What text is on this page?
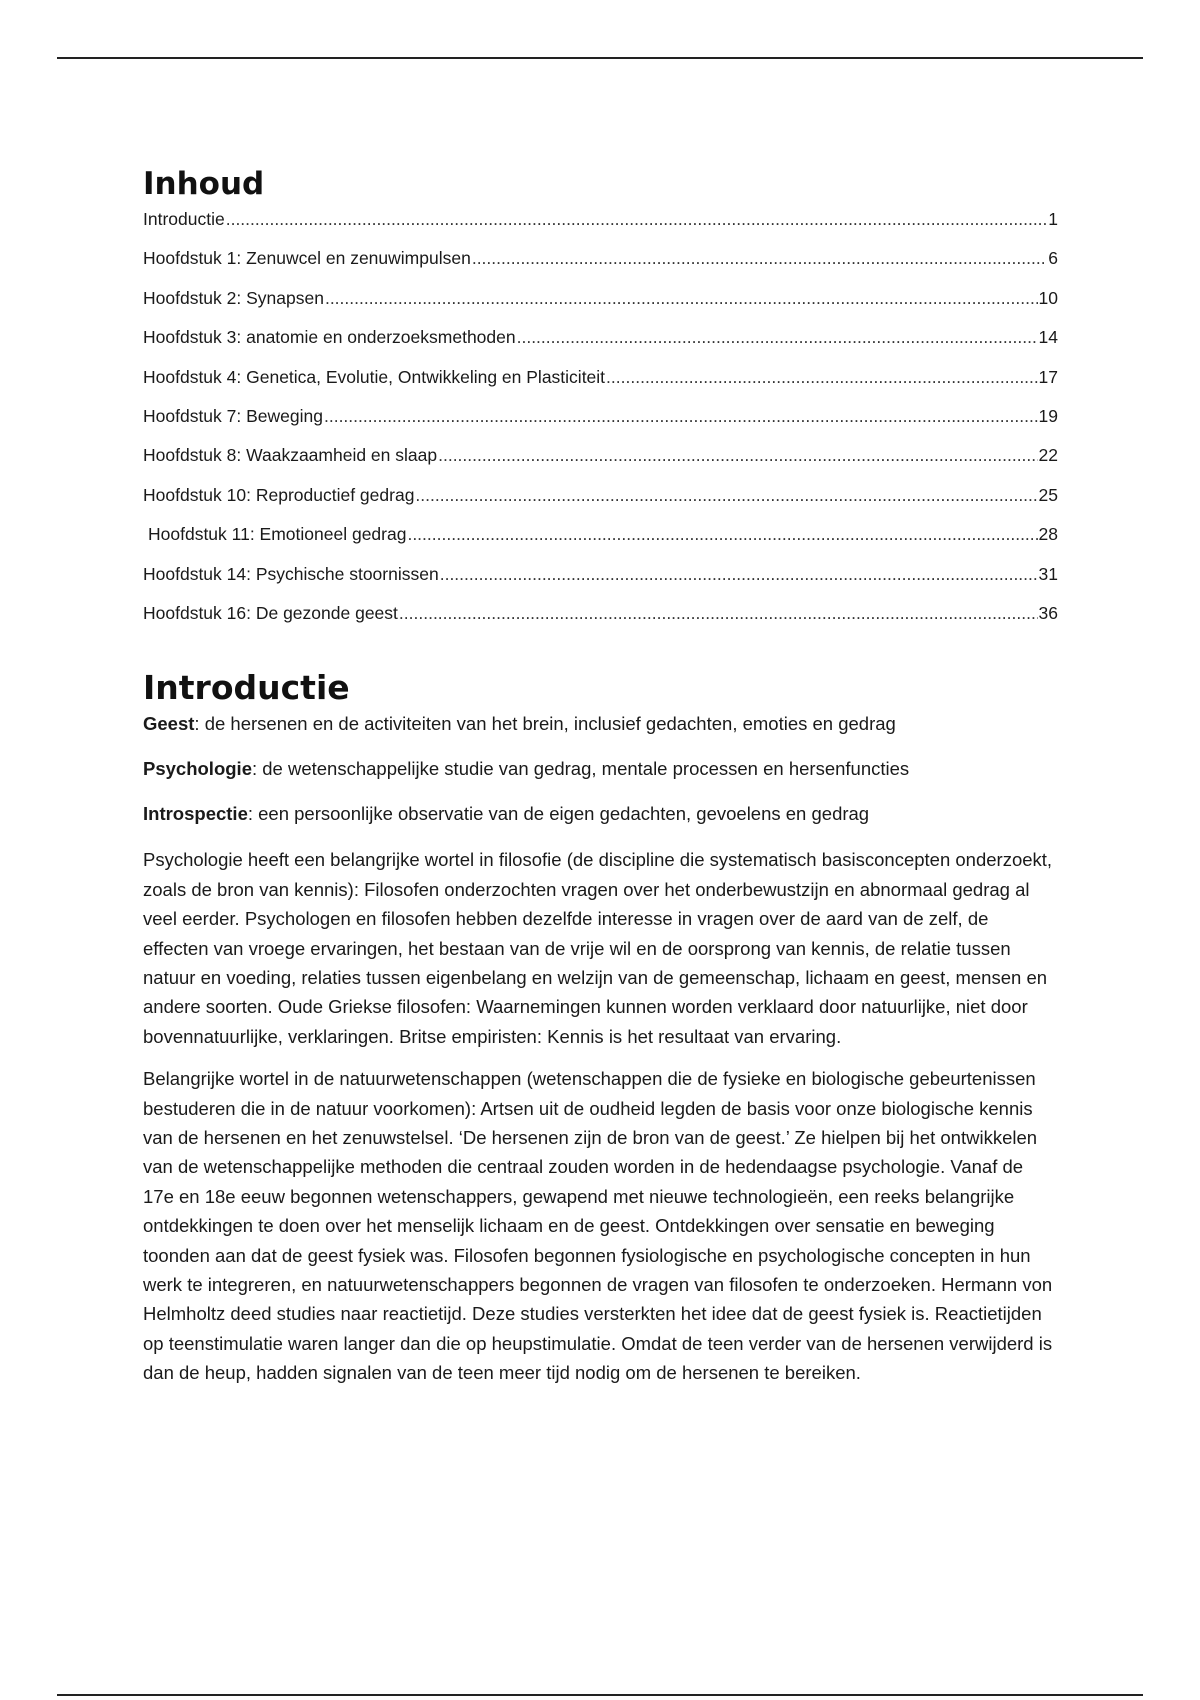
Inhoud
Introductie .....	1
Hoofdstuk 1: Zenuwcel en zenuwimpulsen .....	6
Hoofdstuk 2: Synapsen .....	10
Hoofdstuk 3: anatomie en onderzoeksmethoden .....	14
Hoofdstuk 4: Genetica, Evolutie, Ontwikkeling en Plasticiteit .....	17
Hoofdstuk 7: Beweging .....	19
Hoofdstuk 8: Waakzaamheid en slaap .....	22
Hoofdstuk 10: Reproductief gedrag .....	25
Hoofdstuk 11: Emotioneel gedrag .....	28
Hoofdstuk 14: Psychische stoornissen .....	31
Hoofdstuk 16: De gezonde geest .....	36
Introductie

Geest: de hersenen en de activiteiten van het brein, inclusief gedachten, emoties en gedrag

Psychologie: de wetenschappelijke studie van gedrag, mentale processen en hersenfuncties

Introspectie: een persoonlijke observatie van de eigen gedachten, gevoelens en gedrag

Psychologie heeft een belangrijke wortel in filosofie (de discipline die systematisch basisconcepten onderzoekt, zoals de bron van kennis): Filosofen onderzochten vragen over het onderbewustzijn en abnormaal gedrag al veel eerder. Psychologen en filosofen hebben dezelfde interesse in vragen over de aard van de zelf, de effecten van vroege ervaringen, het bestaan van de vrije wil en de oorsprong van kennis, de relatie tussen natuur en voeding, relaties tussen eigenbelang en welzijn van de gemeenschap, lichaam en geest, mensen en andere soorten. Oude Griekse filosofen: Waarnemingen kunnen worden verklaard door natuurlijke, niet door bovennatuurlijke, verklaringen. Britse empiristen: Kennis is het resultaat van ervaring.

Belangrijke wortel in de natuurwetenschappen (wetenschappen die de fysieke en biologische gebeurtenissen bestuderen die in de natuur voorkomen): Artsen uit de oudheid legden de basis voor onze biologische kennis van de hersenen en het zenuwstelsel. ‘De hersenen zijn de bron van de geest.’ Ze hielpen bij het ontwikkelen van de wetenschappelijke methoden die centraal zouden worden in de hedendaagse psychologie. Vanaf de 17e en 18e eeuw begonnen wetenschappers, gewapend met nieuwe technologieën, een reeks belangrijke ontdekkingen te doen over het menselijk lichaam en de geest. Ontdekkingen over sensatie en beweging toonden aan dat de geest fysiek was. Filosofen begonnen fysiologische en psychologische concepten in hun werk te integreren, en natuurwetenschappers begonnen de vragen van filosofen te onderzoeken. Hermann von Helmholtz deed studies naar reactietijd. Deze studies versterkten het idee dat de geest fysiek is. Reactietijden op teenstimulatie waren langer dan die op heupstimulatie. Omdat de teen verder van de hersenen verwijderd is dan de heup, hadden signalen van de teen meer tijd nodig om de hersenen te bereiken.
